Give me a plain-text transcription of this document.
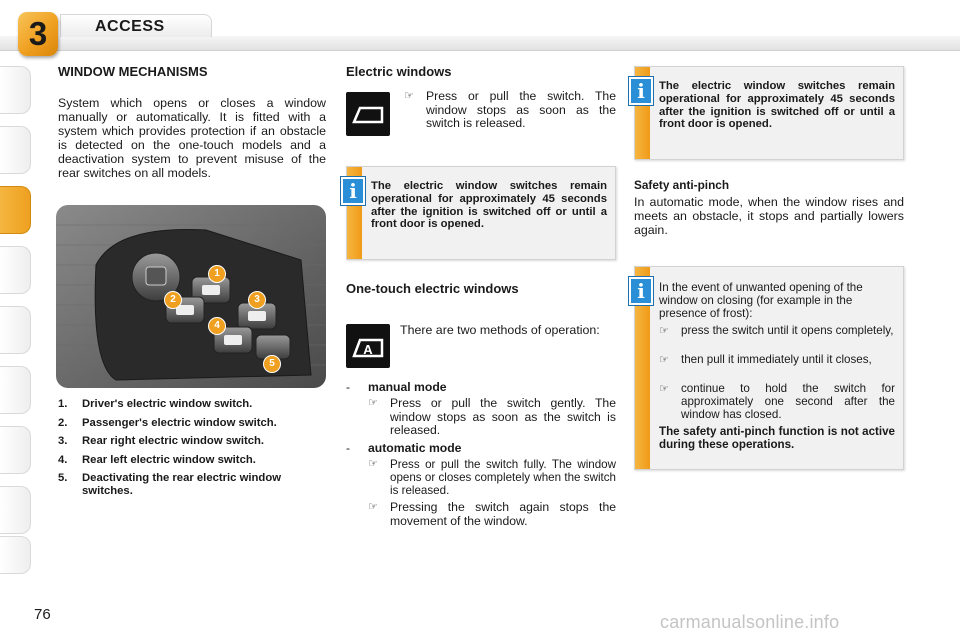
3	ACCESS
WINDOW MECHANISMS
System which opens or closes a window manually or automatically. It is fitted with a system which provides protection if an obstacle is detected on the one-touch models and a deactivation system to prevent misuse of the rear switches on all models.
1
2	3
4
5
1.	Driver's electric window switch.
2.	Passenger's electric window switch.
3.	Rear right electric window switch.
4.	Rear left electric window switch.
5.	Deactivating the rear electric window switches.
Electric windows
☞ Press or pull the switch. The window stops as soon as the switch is released.
i	The electric window switches remain operational for approximately 45 seconds after the ignition is switched off or until a front door is opened.
One-touch electric windows
A
There are two methods of operation:
- manual mode
☞ Press or pull the switch gently. The window stops as soon as the switch is released.
- automatic mode
☞	Press or pull the switch fully. The window opens or closes completely when the switch is released.
☞ Pressing the switch again stops the movement of the window.
i	The electric window switches remain operational for approximately 45 seconds after the ignition is switched off or until a front door is opened.
Safety anti-pinch
In automatic mode, when the window rises and meets an obstacle, it stops and partially lowers again.
i	In the event of unwanted opening of the window on closing (for example in the presence of frost):
☞	press the switch until it opens completely,
☞	then pull it immediately until it closes,
☞	continue to hold the switch for approximately one second after the window has closed.
The safety anti-pinch function is not active during these operations.
76	carmanualsonline.info
